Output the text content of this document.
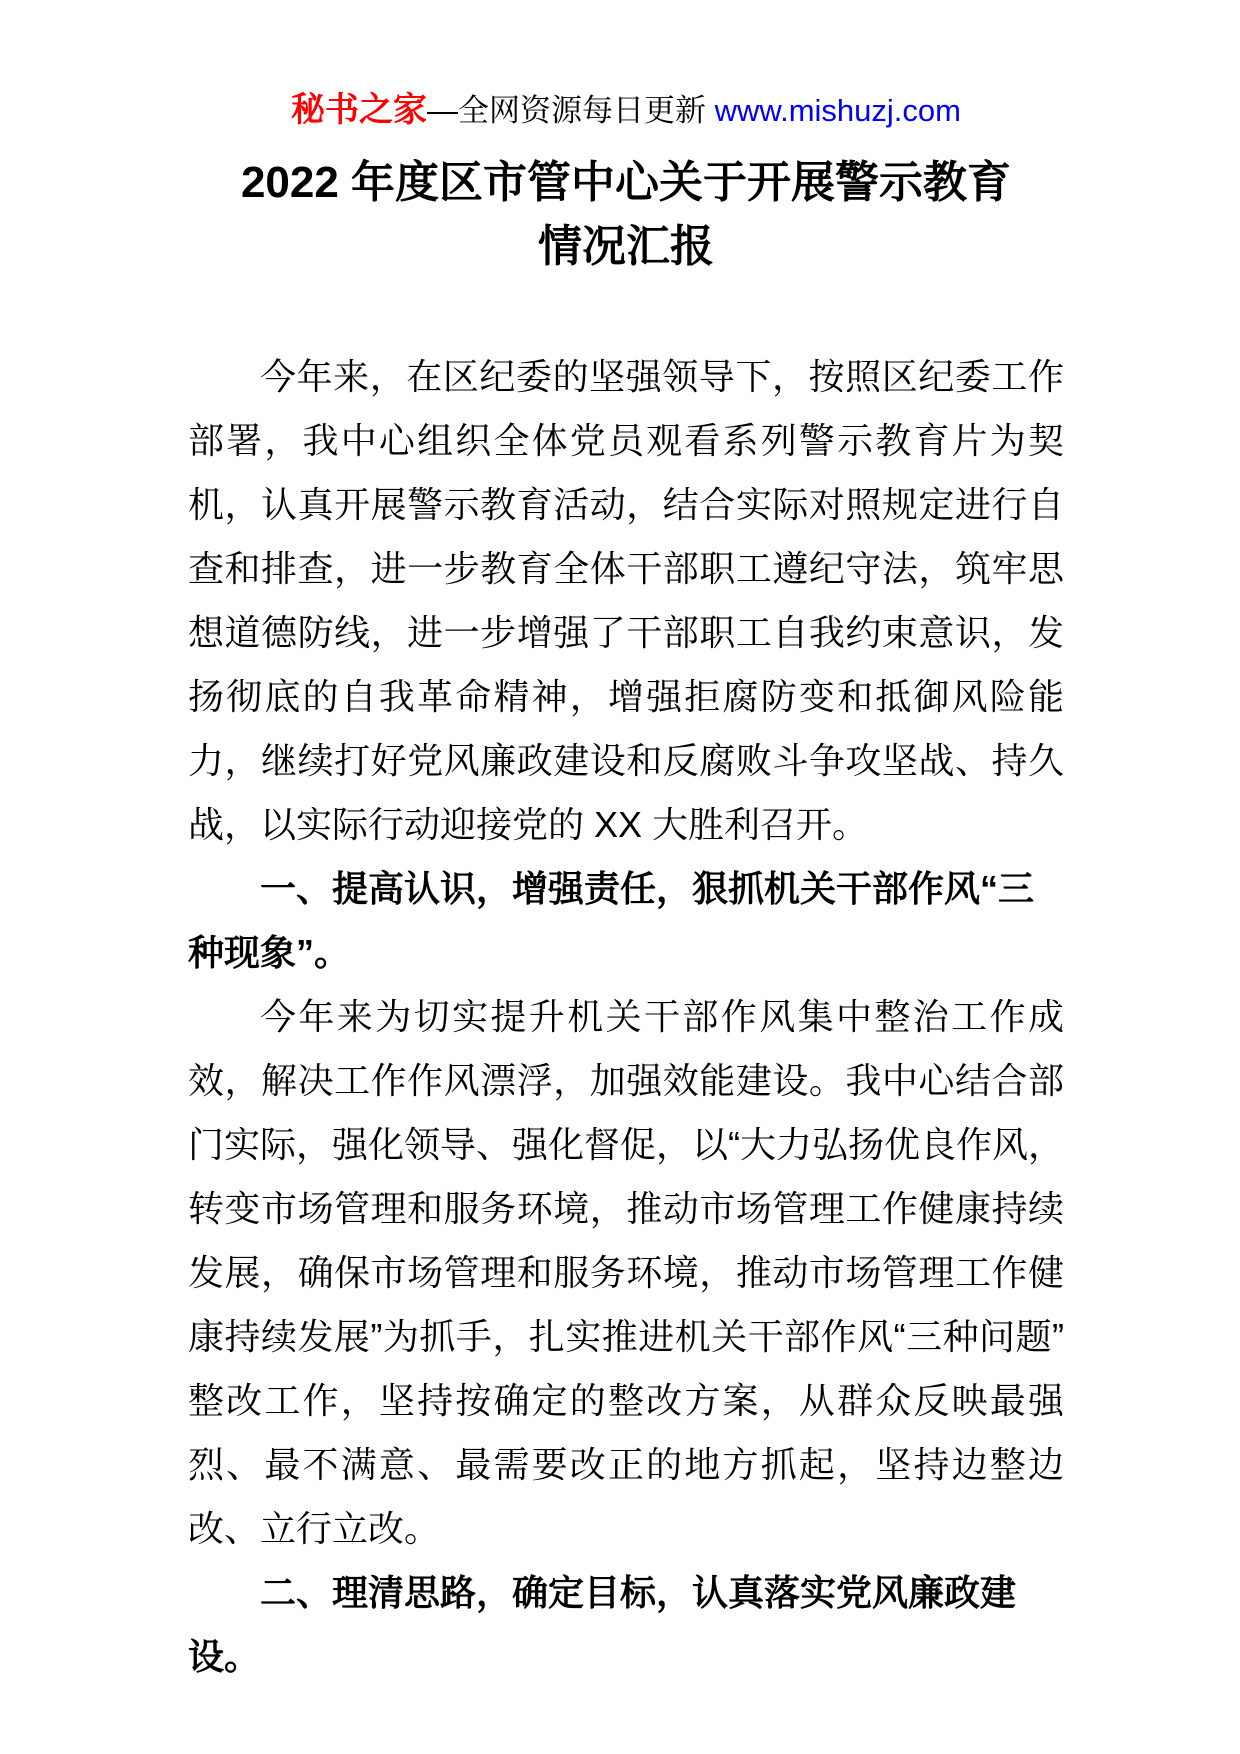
秘书之家—全网资源每日更新 www.mishuzj.com
2022 年度区市管中心关于开展警示教育
情况汇报

今年来，在区纪委的坚强领导下，按照区纪委工作部署，我中心组织全体党员观看系列警示教育片为契机，认真开展警示教育活动，结合实际对照规定进行自查和排查，进一步教育全体干部职工遵纪守法，筑牢思想道德防线，进一步增强了干部职工自我约束意识，发扬彻底的自我革命精神，增强拒腐防变和抵御风险能力，继续打好党风廉政建设和反腐败斗争攻坚战、持久战，以实际行动迎接党的 XX 大胜利召开。

一、提高认识，增强责任，狠抓机关干部作风“三种现象”。

今年来为切实提升机关干部作风集中整治工作成效，解决工作作风漂浮，加强效能建设。我中心结合部门实际，强化领导、强化督促，以“大力弘扬优良作风，转变市场管理和服务环境，推动市场管理工作健康持续发展，确保市场管理和服务环境，推动市场管理工作健康持续发展”为抓手，扎实推进机关干部作风“三种问题”整改工作，坚持按确定的整改方案，从群众反映最强烈、最不满意、最需要改正的地方抓起，坚持边整边改、立行立改。

二、理清思路，确定目标，认真落实党风廉政建设。
